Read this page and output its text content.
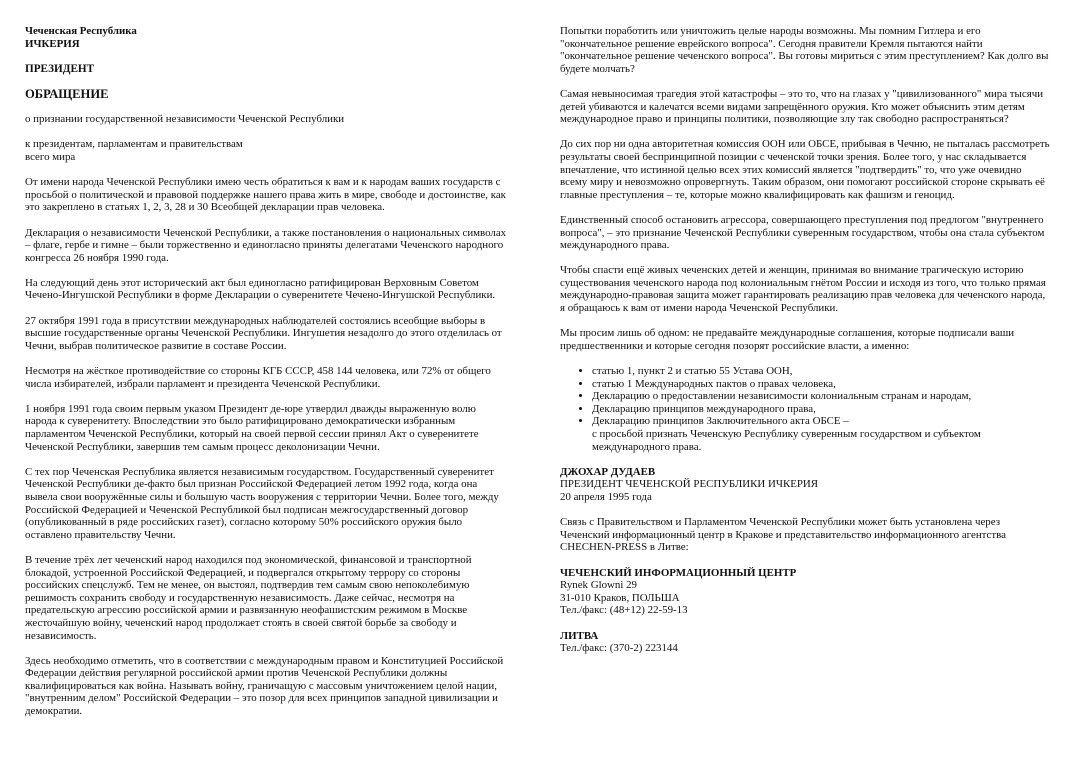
Чеченская Республика
ИЧКЕРИЯ
ПРЕЗИДЕНТ
ОБРАЩЕНИЕ

о признании государственной независимости Чеченской Республики

к президентам, парламентам и правительствам
всего мира

От имени народа Чеченской Республики имею честь обратиться к вам и к народам ваших государств с просьбой о политической и правовой поддержке нашего права жить в мире, свободе и достоинстве, как это закреплено в статьях 1, 2, 3, 28 и 30 Всеобщей декларации прав человека.

Декларация о независимости Чеченской Республики, а также постановления о национальных символах – флаге, гербе и гимне – были торжественно и единогласно приняты делегатами Чеченского народного конгресса 26 ноября 1990 года.

На следующий день этот исторический акт был единогласно ратифицирован Верховным Советом Чечено-Ингушской Республики в форме Декларации о суверенитете Чечено-Ингушской Республики.

27 октября 1991 года в присутствии международных наблюдателей состоялись всеобщие выборы в высшие государственные органы Чеченской Республики. Ингушетия незадолго до этого отделилась от Чечни, выбрав политическое развитие в составе России.

Несмотря на жёсткое противодействие со стороны КГБ СССР, 458 144 человека, или 72% от общего числа избирателей, избрали парламент и президента Чеченской Республики.

1 ноября 1991 года своим первым указом Президент де-юре утвердил дважды выраженную волю народа к суверенитету. Впоследствии это было ратифицировано демократически избранным парламентом Чеченской Республики, который на своей первой сессии принял Акт о суверенитете Чеченской Республики, завершив тем самым процесс деколонизации Чечни.

С тех пор Чеченская Республика является независимым государством. Государственный суверенитет Чеченской Республики де-факто был признан Российской Федерацией летом 1992 года, когда она вывела свои вооружённые силы и большую часть вооружения с территории Чечни. Более того, между Российской Федерацией и Чеченской Республикой был подписан межгосударственный договор (опубликованный в ряде российских газет), согласно которому 50% российского оружия было оставлено правительству Чечни.

В течение трёх лет чеченский народ находился под экономической, финансовой и транспортной блокадой, устроенной Российской Федерацией, и подвергался открытому террору со стороны российских спецслужб. Тем не менее, он выстоял, подтвердив тем самым свою непоколебимую решимость сохранить свободу и государственную независимость. Даже сейчас, несмотря на предательскую агрессию российской армии и развязанную неофашистским режимом в Москве жесточайшую войну, чеченский народ продолжает стоять в своей святой борьбе за свободу и независимость.

Здесь необходимо отметить, что в соответствии с международным правом и Конституцией Российской Федерации действия регулярной российской армии против Чеченской Республики должны квалифицироваться как война. Называть войну, граничащую с массовым уничтожением целой нации, "внутренним делом" Российской Федерации – это позор для всех принципов западной цивилизации и демократии.

Попытки поработить или уничтожить целые народы возможны. Мы помним Гитлера и его "окончательное решение еврейского вопроса". Сегодня правители Кремля пытаются найти "окончательное решение чеченского вопроса". Вы готовы мириться с этим преступлением? Как долго вы будете молчать?

Самая невыносимая трагедия этой катастрофы – это то, что на глазах у "цивилизованного" мира тысячи детей убиваются и калечатся всеми видами запрещённого оружия. Кто может объяснить этим детям международное право и принципы политики, позволяющие злу так свободно распространяться?

До сих пор ни одна авторитетная комиссия ООН или ОБСЕ, прибывая в Чечню, не пыталась рассмотреть результаты своей беспринципной позиции с чеченской точки зрения. Более того, у нас складывается впечатление, что истинной целью всех этих комиссий является "подтвердить" то, что уже очевидно всему миру и невозможно опровергнуть. Таким образом, они помогают российской стороне скрывать её главные преступления – те, которые можно квалифицировать как фашизм и геноцид.

Единственный способ остановить агрессора, совершающего преступления под предлогом "внутреннего вопроса", – это признание Чеченской Республики суверенным государством, чтобы она стала субъектом международного права.

Чтобы спасти ещё живых чеченских детей и женщин, принимая во внимание трагическую историю существования чеченского народа под колониальным гнётом России и исходя из того, что только прямая международно-правовая защита может гарантировать реализацию прав человека для чеченского народа, я обращаюсь к вам от имени народа Чеченской Республики.

Мы просим лишь об одном: не предавайте международные соглашения, которые подписали ваши предшественники и которые сегодня позорят российские власти, а именно:

• статью 1, пункт 2 и статью 55 Устава ООН,
• статью 1 Международных пактов о правах человека,
• Декларацию о предоставлении независимости колониальным странам и народам,
• Декларацию принципов международного права,
• Декларацию принципов Заключительного акта ОБСЕ –
с просьбой признать Чеченскую Республику суверенным государством и субъектом международного права.
ДЖОХАР ДУДАЕВ
ПРЕЗИДЕНТ ЧЕЧЕНСКОЙ РЕСПУБЛИКИ ИЧКЕРИЯ
20 апреля 1995 года

Связь с Правительством и Парламентом Чеченской Республики может быть установлена через Чеченский информационный центр в Кракове и представительство информационного агентства CHECHEN-PRESS в Литве:

ЧЕЧЕНСКИЙ ИНФОРМАЦИОННЫЙ ЦЕНТР
Rynek Glowni 29
31-010 Краков, ПОЛЬША
Тел./факс: (48+12) 22-59-13
ЛИТВА
Тел./факс: (370-2) 223144
